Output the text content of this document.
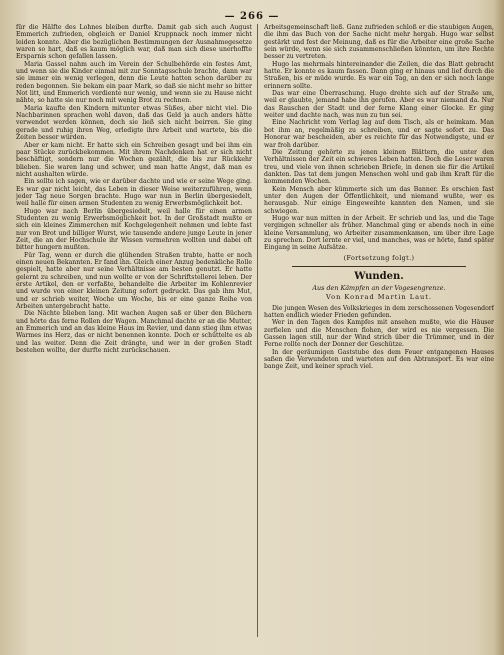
— 266 —

für die Hälfte des Lohnes bleiben durfte. Damit gab sich auch August Emmerich zufrieden, obgleich er Daniel Kruppnack noch immer nicht leiden konnte. Aber die bezüglichen Bestimmungen der Ausnahmegesetze waren so hart, daß es kaum möglich war, daß man sich diese unerhoffte Ersparnis schon gefallen lassen.

Maria Gassel nahm auch im Verein der Schulbehörde ein festes Amt, und wenn sie die Kinder einmal mit zur Sonntagsschule brachte, dann war sie immer ein wenig verlegen, denn die Leute hatten schon darüber zu reden begonnen. Sie bekam ein paar Mark, so daß sie nicht mehr so bitter Not litt, und Emmerich verdiente nur wenig, und wenn sie zu Hause nicht nähte, so hatte sie nur noch mit wenig Brot zu rechnen.

Maria kaufte den Kindern mitunter etwas Süßes, aber nicht viel. Die Nachbarinnen sprachen wohl davon, daß das Geld ja auch anders hätte verwendet werden können, doch sie ließ sich nicht beirren. Sie ging gerade und ruhig ihren Weg, erledigte ihre Arbeit und wartete, bis die Zeiten besser würden.

Aber er kam nicht. Er hatte sich ein Schreiben gesagt und bei ihm ein paar Stücke zurückbekommen. Mit ihrem Nachdenken hat er sich nicht beschäftigt, sondern nur die Wochen gezählt, die bis zur Rückkehr blieben. Sie waren lang und schwer, und man hatte Angst, daß man es nicht aushalten würde.

Ein sollte ich sagen, wie er darüber dachte und wie er seine Wege ging. Es war gar nicht leicht, das Leben in dieser Weise weiterzuführen, wenn jeder Tag neue Sorgen brachte. Hugo war nun in Berlin übergesiedelt, weil halle für einen armen Studenten zu wenig Erwerbsmöglichkeit bot.

Hugo war nach Berlin übergesiedelt, weil halle für einen armen Studenten zu wenig Erwerbsmöglichkeit bot. In der Großstadt mußte er sich ein kleines Zimmerchen mit Kochgelegenheit nehmen und lebte fast nur von Brot und billiger Wurst, wie tausende andere junge Leute in jener Zeit, die an der Hochschule ihr Wissen vermehren wollten und dabei oft bitter hungern mußten.

Für Tag, wenn er durch die glühenden Straßen trabte, hatte er noch einen neuen Bekannten. Er fand ihn. Gleich einer Anzug bedenkliche Rolle gespielt, hatte aber nur seine Verhältnisse am besten genutzt. Er hatte gelernt zu schreiben, und nun wollte er von der Schriftstellerei leben. Der erste Artikel, den er verfaßte, behandelte die Arbeiter im Kohlenrevier und wurde von einer kleinen Zeitung sofort gedruckt. Das gab ihm Mut, und er schrieb weiter, Woche um Woche, bis er eine ganze Reihe von Arbeiten untergebracht hatte.

Die Nächte blieben lang. Mit wachen Augen saß er über den Büchern und hörte das ferne Rollen der Wagen. Manchmal dachte er an die Mutter, an Emmerich und an das kleine Haus im Revier, und dann stieg ihm etwas Warmes ins Herz, das er nicht benennen konnte. Doch er schüttelte es ab und las weiter. Denn die Zeit drängte, und wer in der großen Stadt bestehen wollte, der durfte nicht zurückschauen.

Arbeitsgemeinschaft ließ. Ganz zufrieden schloß er die staubigen Augen, die ihm das Buch von der Sache nicht mehr hergab. Hugo war selbst gestärkt und fest der Meinung, daß es für die Arbeiter eine große Sache sein würde, wenn sie sich zusammenschließen könnten, um ihre Rechte besser zu vertreten.

Hugo las mehrmals hintereinander die Zeilen, die das Blatt gebracht hatte. Er konnte es kaum fassen. Dann ging er hinaus und lief durch die Straßen, bis er müde wurde. Es war ein Tag, an den er sich noch lange erinnern sollte.

Das war eine Überraschung. Hugo drehte sich auf der Straße um, weil er glaubte, jemand habe ihn gerufen. Aber es war niemand da. Nur das Rauschen der Stadt und der ferne Klang einer Glocke. Er ging weiter und dachte nach, was nun zu tun sei.

Eine Nachricht vom Verlag lag auf dem Tisch, als er heimkam. Man bot ihm an, regelmäßig zu schreiben, und er sagte sofort zu. Das Honorar war bescheiden, aber es reichte für das Notwendigste, und er war froh darüber.

Die Zeitung gehörte zu jenen kleinen Blättern, die unter den Verhältnissen der Zeit ein schweres Leben hatten. Doch die Leser waren treu, und viele von ihnen schrieben Briefe, in denen sie für die Artikel dankten. Das tat dem jungen Menschen wohl und gab ihm Kraft für die kommenden Wochen.

Kein Mensch aber kümmerte sich um das Banner. Es erschien fast unter den Augen der Öffentlichkeit, und niemand wußte, wer es herausgab. Nur einige Eingeweihte kannten den Namen, und sie schwiegen.

Hugo war nun mitten in der Arbeit. Er schrieb und las, und die Tage vergingen schneller als früher. Manchmal ging er abends noch in eine kleine Versammlung, wo Arbeiter zusammenkamen, um über ihre Lage zu sprechen. Dort lernte er viel, und manches, was er hörte, fand später Eingang in seine Aufsätze.

(Fortsetzung folgt.)
Wunden.
Aus den Kämpfen an der Vogesengrenze.
Von Konrad Martin Laut.

Die jungen Wesen des Volkskrieges in dem zerschossenen Vogesendorf hatten endlich wieder Frieden gefunden.

Wer in den Tagen des Kampfes mit ansehen mußte, wie die Häuser zerfielen und die Menschen flohen, der wird es nie vergessen. Die Gassen lagen still, nur der Wind strich über die Trümmer, und in der Ferne rollte noch der Donner der Geschütze.

In der geräumigen Gaststube des dem Feuer entgangenen Hauses saßen die Verwundeten und warteten auf den Abtransport. Es war eine bange Zeit, und keiner sprach viel.
